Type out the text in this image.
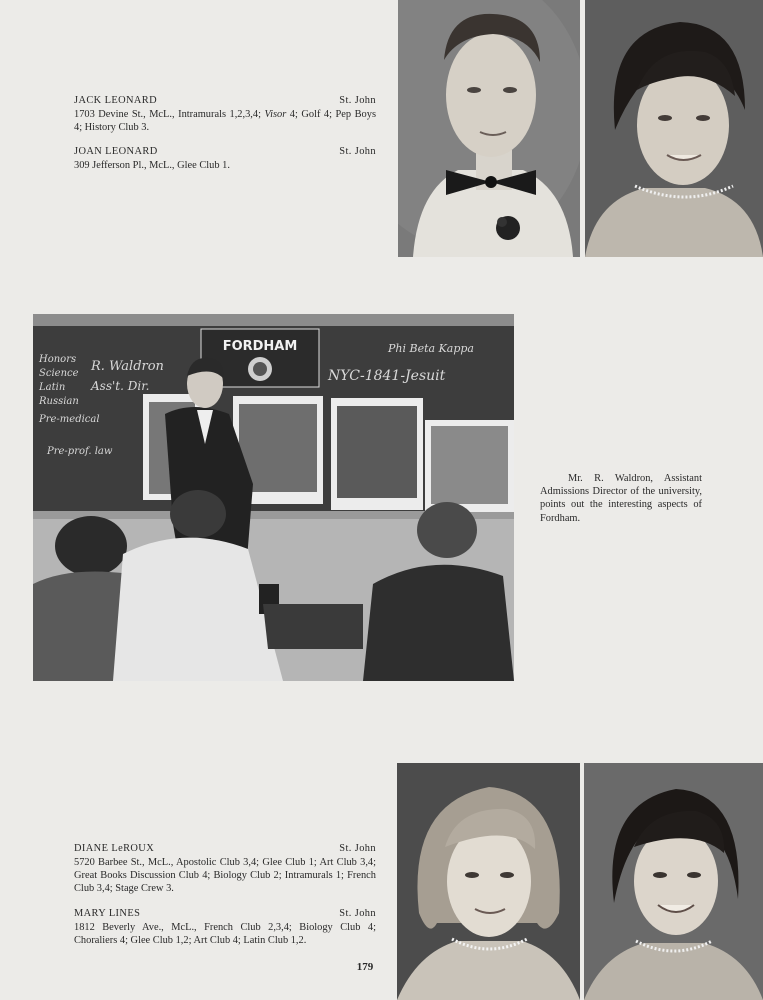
JACK LEONARD	St. John
1703 Devine St., McL., Intramurals 1,2,3,4; Visor 4; Golf 4; Pep Boys 4; History Club 3.
JOAN LEONARD	St. John
309 Jefferson Pl., McL., Glee Club 1.
FORDHAM
Honors
Science
Latin
Russian
Pre-medical
Pre-prof. law
R. Waldron
Ass't. Dir.
Phi Beta Kappa
NYC-1841-Jesuit
Mr. R. Waldron, Assistant Admissions Director of the university, points out the interesting aspects of Fordham.
DIANE LeROUX	St. John
5720 Barbee St., McL., Apostolic Club 3,4; Glee Club 1; Art Club 3,4; Great Books Discussion Club 4; Biology Club 2; Intramurals 1; French Club 3,4; Stage Crew 3.
MARY LINES	St. John
1812 Beverly Ave., McL., French Club 2,3,4; Biology Club 4; Choraliers 4; Glee Club 1,2; Art Club 4; Latin Club 1,2.
179
